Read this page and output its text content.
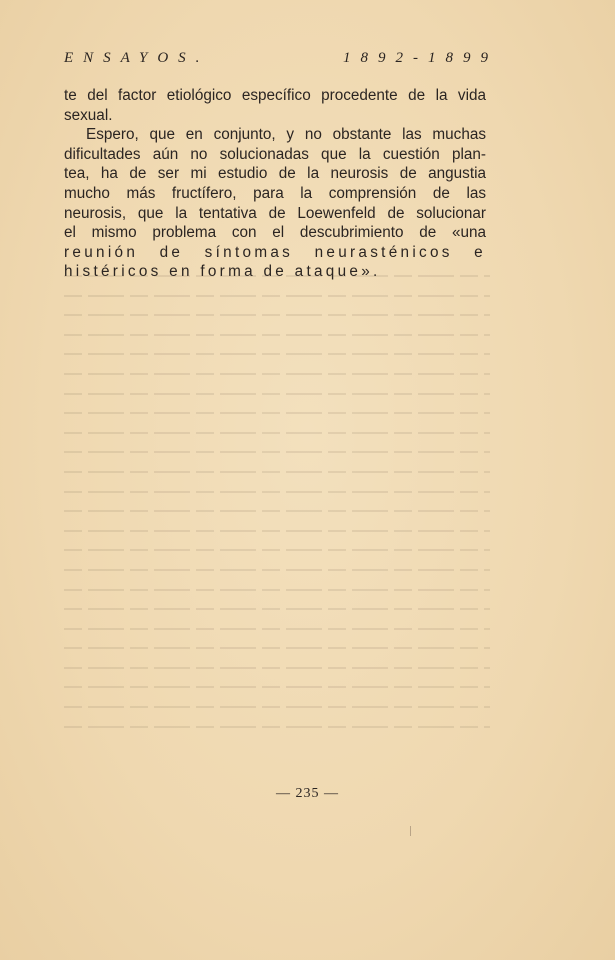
ENSAYOS.	1892-1899
te del factor etiológico específico procedente de la vida
sexual.
Espero, que en conjunto, y no obstante las muchas
dificultades aún no solucionadas que la cuestión plan-
tea, ha de ser mi estudio de la neurosis de angustia
mucho más fructífero, para la comprensión de las
neurosis, que la tentativa de Loewenfeld de solucionar
el mismo problema con el descubrimiento de «una
reunión de síntomas neurasténicos e
histéricos en forma de ataque».
— 235 —
